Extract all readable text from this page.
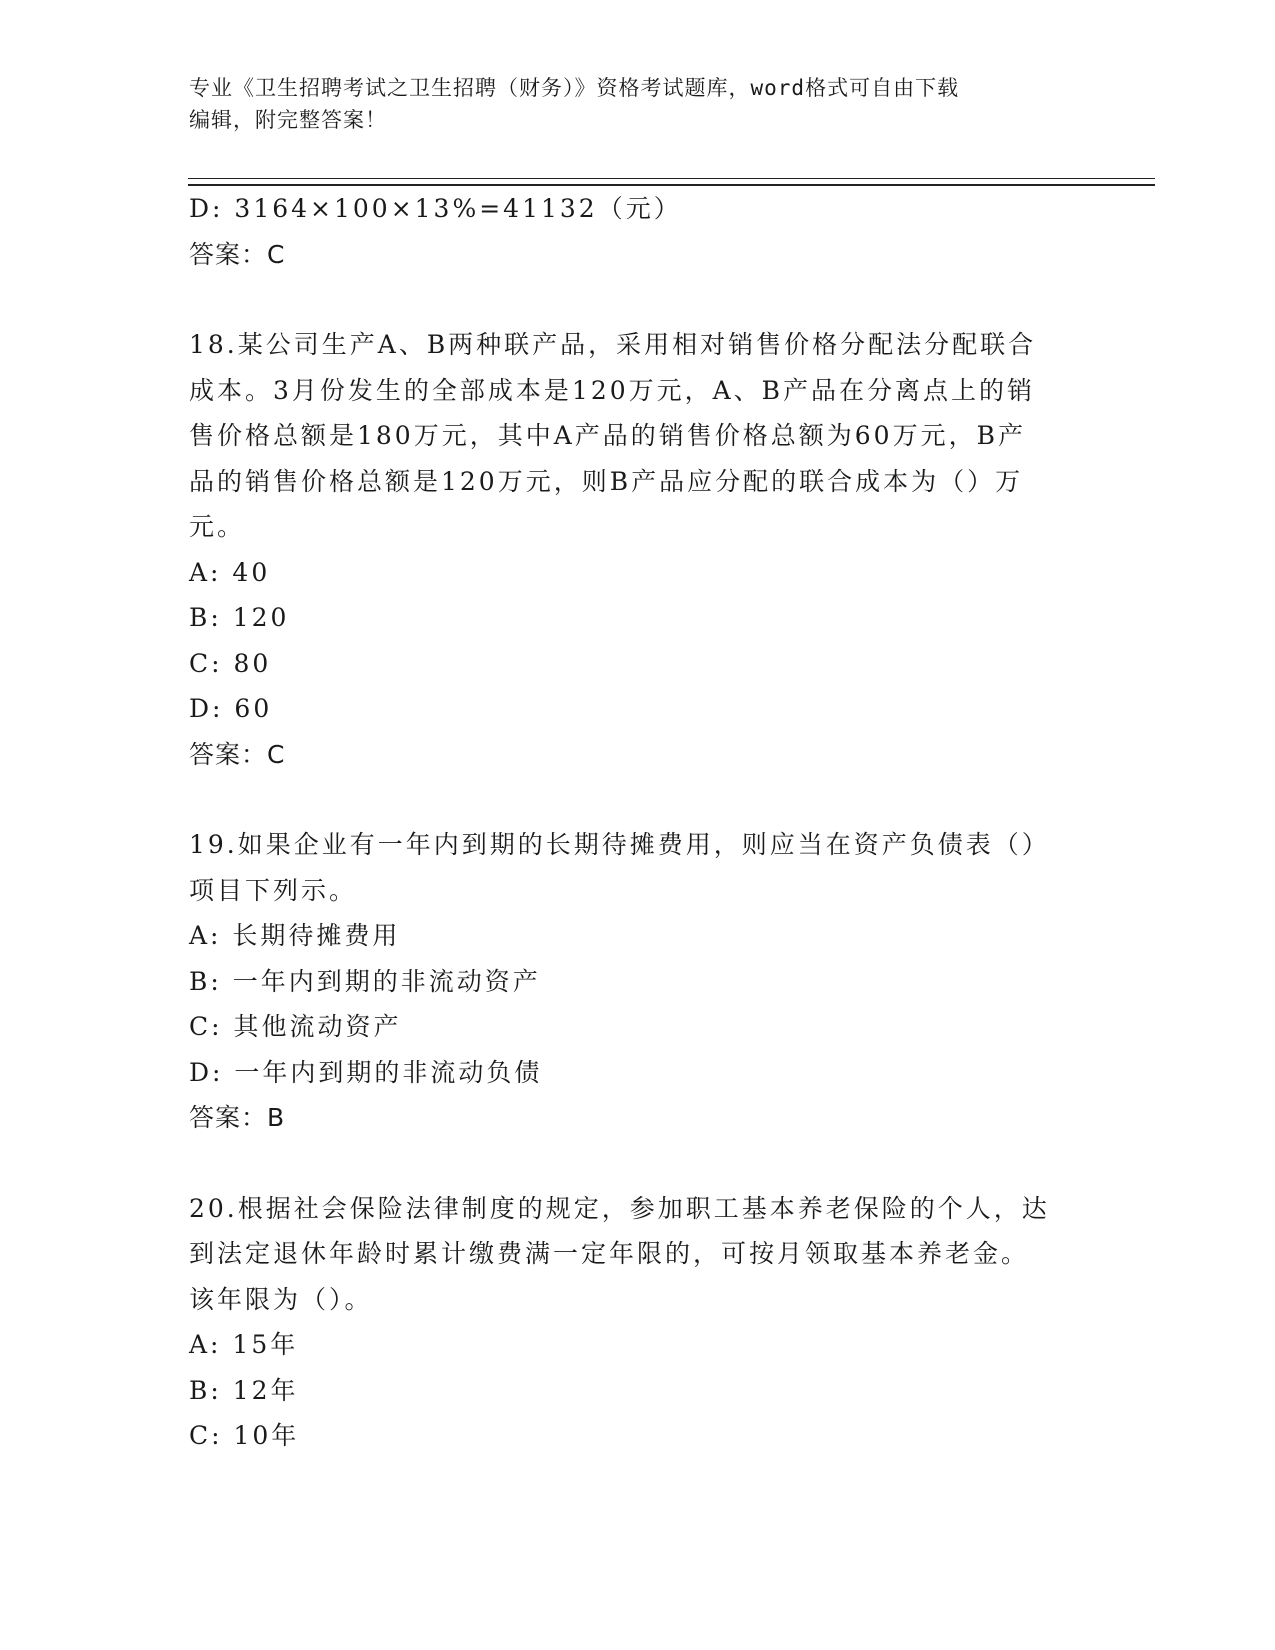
专业《卫生招聘考试之卫生招聘（财务）》资格考试题库，word格式可自由下载
编辑，附完整答案！
D: 3164×100×13%=41132（元）
答案：C
18.某公司生产A、B两种联产品，采用相对销售价格分配法分配联合
成本。3月份发生的全部成本是120万元，A、B产品在分离点上的销
售价格总额是180万元，其中A产品的销售价格总额为60万元，B产
品的销售价格总额是120万元，则B产品应分配的联合成本为（）万
元。
A: 40
B: 120
C: 80
D: 60
答案：C
19.如果企业有一年内到期的长期待摊费用，则应当在资产负债表（）
项目下列示。
A: 长期待摊费用
B: 一年内到期的非流动资产
C: 其他流动资产
D: 一年内到期的非流动负债
答案：B
20.根据社会保险法律制度的规定，参加职工基本养老保险的个人，达
到法定退休年龄时累计缴费满一定年限的，可按月领取基本养老金。
该年限为（）。
A: 15年
B: 12年
C: 10年
